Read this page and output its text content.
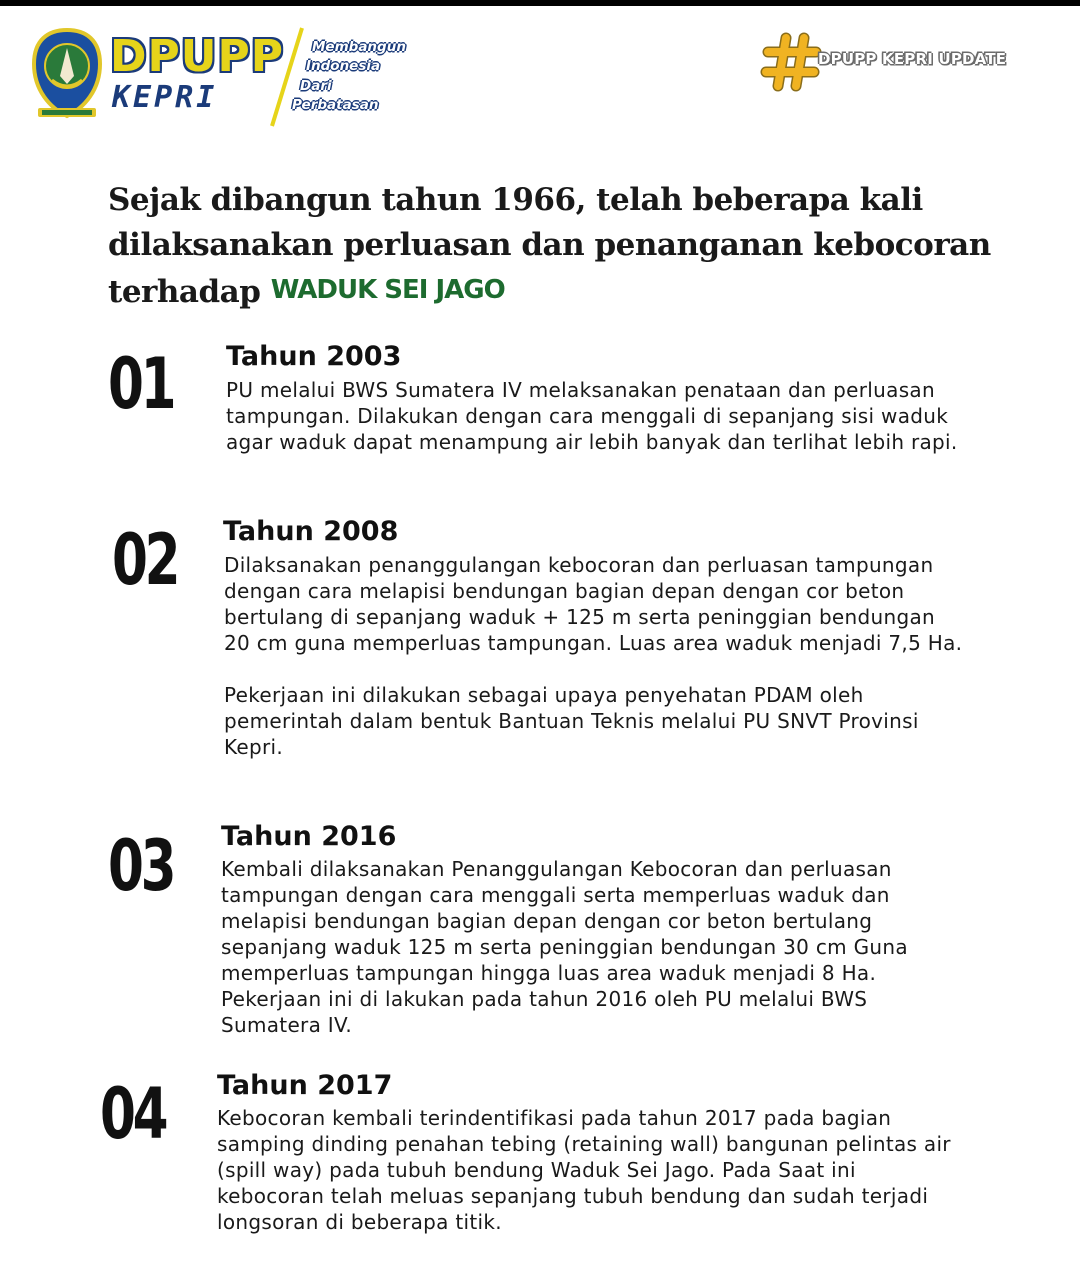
DPUPP
KEPRI
Membangun
Indonesia
Dari
Perbatasan
DPUPP KEPRI UPDATE
Sejak dibangun tahun 1966, telah beberapa kali
dilaksanakan perluasan dan penanganan kebocoran
terhadap WADUK SEI JAGO
01 Tahun 2003

PU melalui BWS Sumatera IV melaksanakan penataan dan perluasan tampungan. Dilakukan dengan cara menggali di sepanjang sisi waduk agar waduk dapat menampung air lebih banyak dan terlihat lebih rapi.

02 Tahun 2008

Dilaksanakan penanggulangan kebocoran dan perluasan tampungan dengan cara melapisi bendungan bagian depan dengan cor beton bertulang di sepanjang waduk + 125 m serta peninggian bendungan 20 cm guna memperluas tampungan. Luas area waduk menjadi 7,5 Ha.

Pekerjaan ini dilakukan sebagai upaya penyehatan PDAM oleh pemerintah dalam bentuk Bantuan Teknis melalui PU SNVT Provinsi Kepri.

03 Tahun 2016

Kembali dilaksanakan Penanggulangan Kebocoran dan perluasan tampungan dengan cara menggali serta memperluas waduk dan melapisi bendungan bagian depan dengan cor beton bertulang sepanjang waduk 125 m serta peninggian bendungan 30 cm Guna memperluas tampungan hingga luas area waduk menjadi 8 Ha. Pekerjaan ini di lakukan pada tahun 2016 oleh PU melalui BWS Sumatera IV.

04 Tahun 2017

Kebocoran kembali terindentifikasi pada tahun 2017 pada bagian samping dinding penahan tebing (retaining wall) bangunan pelintas air (spill way) pada tubuh bendung Waduk Sei Jago. Pada Saat ini kebocoran telah meluas sepanjang tubuh bendung dan sudah terjadi longsoran di beberapa titik.
